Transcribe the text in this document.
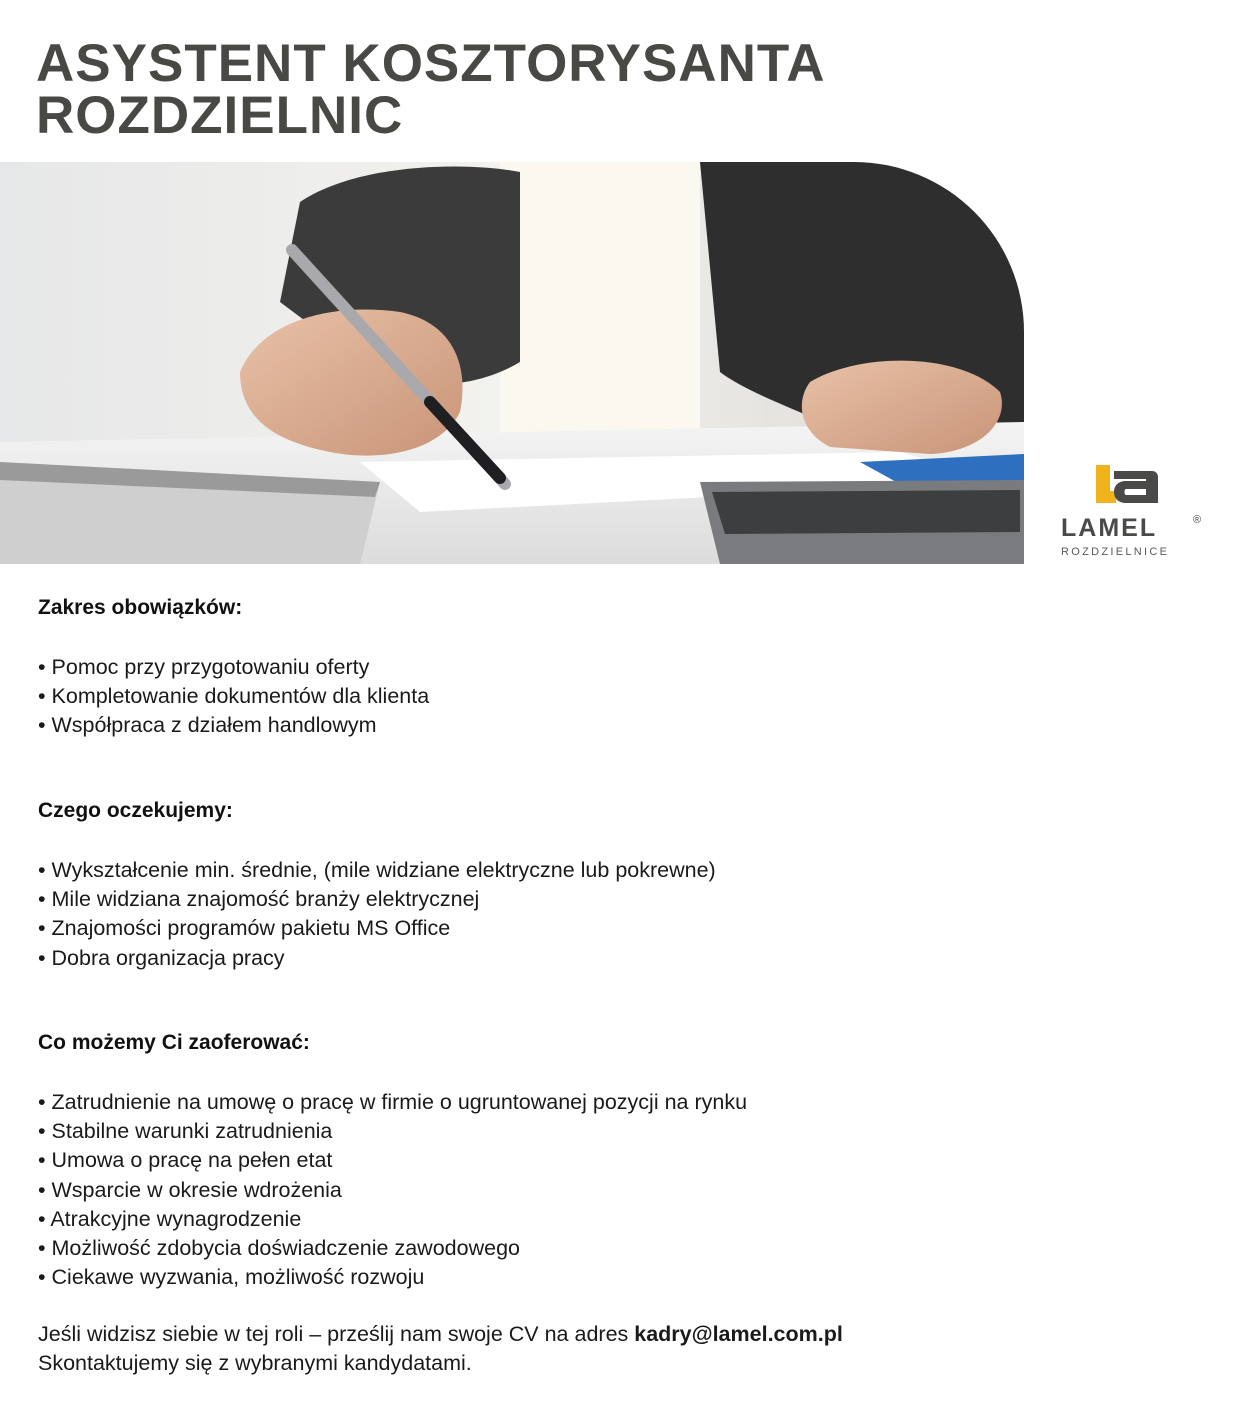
ASYSTENT KOSZTORYSANTA
ROZDZIELNIC
LAMEL	®
ROZDZIELNICE
Zakres obowiązków:
• Pomoc przy przygotowaniu oferty
• Kompletowanie dokumentów dla klienta
• Współpraca z działem handlowym
Czego oczekujemy:
• Wykształcenie min. średnie, (mile widziane elektryczne lub pokrewne)
• Mile widziana znajomość branży elektrycznej
• Znajomości programów pakietu MS Office
• Dobra organizacja pracy
Co możemy Ci zaoferować:
• Zatrudnienie na umowę o pracę w firmie o ugruntowanej pozycji na rynku
• Stabilne warunki zatrudnienia
• Umowa o pracę na pełen etat
• Wsparcie w okresie wdrożenia
• Atrakcyjne wynagrodzenie
• Możliwość zdobycia doświadczenie zawodowego
• Ciekawe wyzwania, możliwość rozwoju
Jeśli widzisz siebie w tej roli – prześlij nam swoje CV na adres kadry@lamel.com.pl
Skontaktujemy się z wybranymi kandydatami.
